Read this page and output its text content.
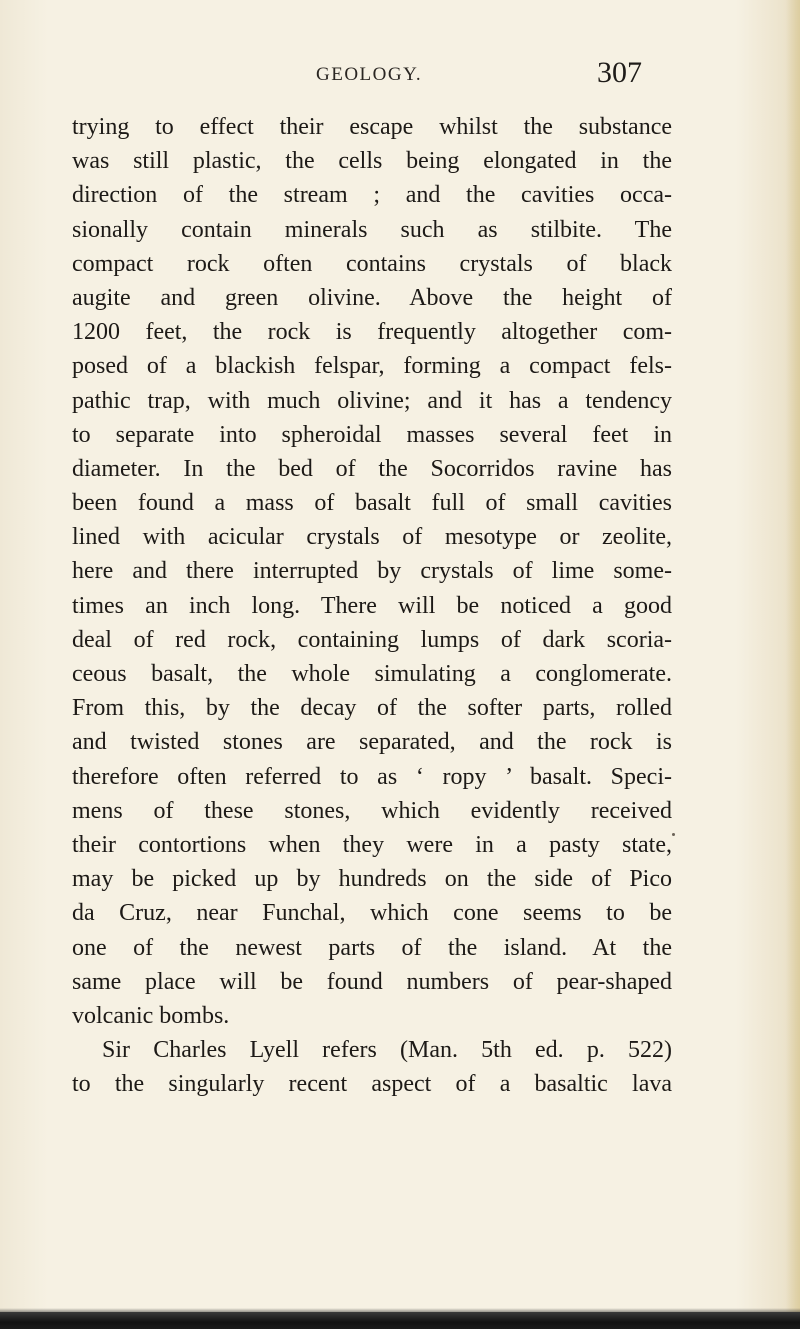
GEOLOGY.	307
trying to effect their escape whilst the substance
was still plastic, the cells being elongated in the
direction of the stream ; and the cavities occa-
sionally contain minerals such as stilbite. The
compact rock often contains crystals of black
augite and green olivine. Above the height of
1200 feet, the rock is frequently altogether com-
posed of a blackish felspar, forming a compact fels-
pathic trap, with much olivine; and it has a tendency
to separate into spheroidal masses several feet in
diameter. In the bed of the Socorridos ravine has
been found a mass of basalt full of small cavities
lined with acicular crystals of mesotype or zeolite,
here and there interrupted by crystals of lime some-
times an inch long. There will be noticed a good
deal of red rock, containing lumps of dark scoria-
ceous basalt, the whole simulating a conglomerate.
From this, by the decay of the softer parts, rolled
and twisted stones are separated, and the rock is
therefore often referred to as ‘ ropy ’ basalt. Speci-
mens of these stones, which evidently received
their contortions when they were in a pasty state,
may be picked up by hundreds on the side of Pico
da Cruz, near Funchal, which cone seems to be
one of the newest parts of the island. At the
same place will be found numbers of pear-shaped
volcanic bombs.
Sir Charles Lyell refers (Man. 5th ed. p. 522)
to the singularly recent aspect of a basaltic lava
